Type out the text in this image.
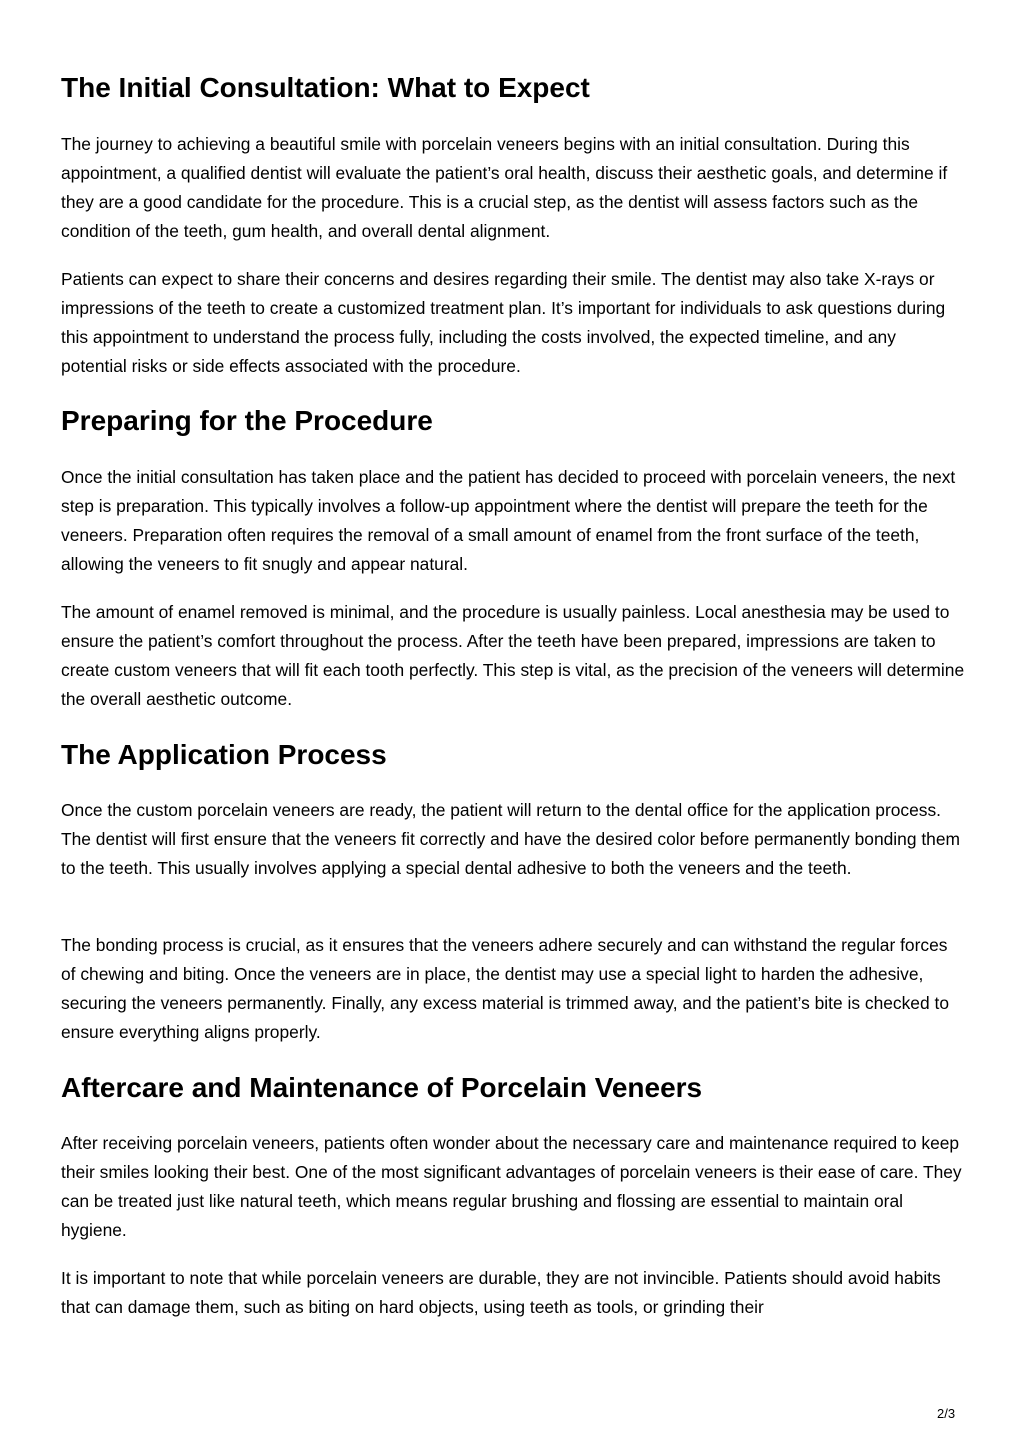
The Initial Consultation: What to Expect

The journey to achieving a beautiful smile with porcelain veneers begins with an initial consultation. During this appointment, a qualified dentist will evaluate the patient’s oral health, discuss their aesthetic goals, and determine if they are a good candidate for the procedure. This is a crucial step, as the dentist will assess factors such as the condition of the teeth, gum health, and overall dental alignment.

Patients can expect to share their concerns and desires regarding their smile. The dentist may also take X-rays or impressions of the teeth to create a customized treatment plan. It’s important for individuals to ask questions during this appointment to understand the process fully, including the costs involved, the expected timeline, and any potential risks or side effects associated with the procedure.

Preparing for the Procedure

Once the initial consultation has taken place and the patient has decided to proceed with porcelain veneers, the next step is preparation. This typically involves a follow-up appointment where the dentist will prepare the teeth for the veneers. Preparation often requires the removal of a small amount of enamel from the front surface of the teeth, allowing the veneers to fit snugly and appear natural.

The amount of enamel removed is minimal, and the procedure is usually painless. Local anesthesia may be used to ensure the patient’s comfort throughout the process. After the teeth have been prepared, impressions are taken to create custom veneers that will fit each tooth perfectly. This step is vital, as the precision of the veneers will determine the overall aesthetic outcome.

The Application Process

Once the custom porcelain veneers are ready, the patient will return to the dental office for the application process. The dentist will first ensure that the veneers fit correctly and have the desired color before permanently bonding them to the teeth. This usually involves applying a special dental adhesive to both the veneers and the teeth.

The bonding process is crucial, as it ensures that the veneers adhere securely and can withstand the regular forces of chewing and biting. Once the veneers are in place, the dentist may use a special light to harden the adhesive, securing the veneers permanently. Finally, any excess material is trimmed away, and the patient’s bite is checked to ensure everything aligns properly.

Aftercare and Maintenance of Porcelain Veneers

After receiving porcelain veneers, patients often wonder about the necessary care and maintenance required to keep their smiles looking their best. One of the most significant advantages of porcelain veneers is their ease of care. They can be treated just like natural teeth, which means regular brushing and flossing are essential to maintain oral hygiene.

It is important to note that while porcelain veneers are durable, they are not invincible. Patients should avoid habits that can damage them, such as biting on hard objects, using teeth as tools, or grinding their

2/3
